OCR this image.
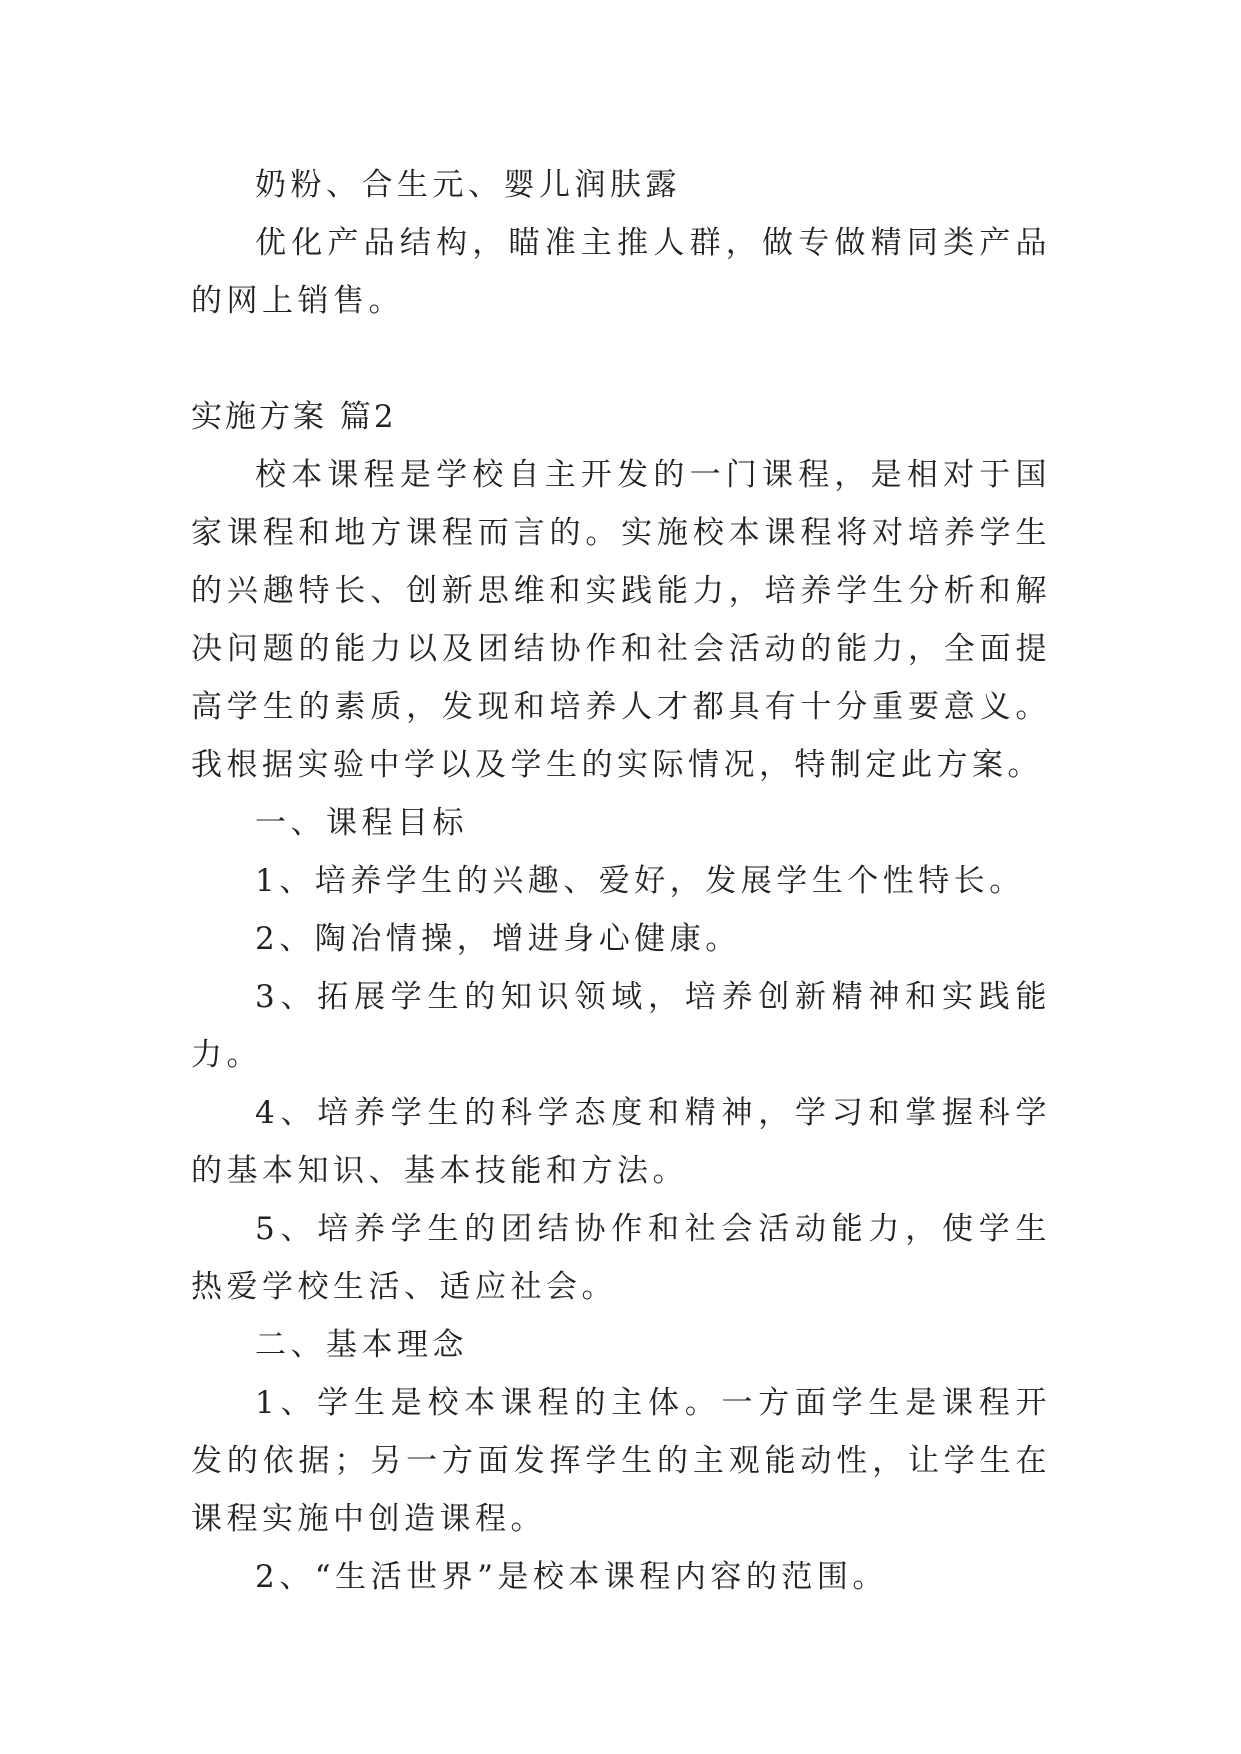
奶粉、合生元、婴儿润肤露

优化产品结构，瞄准主推人群，做专做精同类产品的网上销售。

实施方案 篇2

校本课程是学校自主开发的一门课程，是相对于国家课程和地方课程而言的。实施校本课程将对培养学生的兴趣特长、创新思维和实践能力，培养学生分析和解决问题的能力以及团结协作和社会活动的能力，全面提高学生的素质，发现和培养人才都具有十分重要意义。我根据实验中学以及学生的实际情况，特制定此方案。

一、课程目标

1、培养学生的兴趣、爱好，发展学生个性特长。

2、陶冶情操，增进身心健康。

3、拓展学生的知识领域，培养创新精神和实践能力。

4、培养学生的科学态度和精神，学习和掌握科学的基本知识、基本技能和方法。

5、培养学生的团结协作和社会活动能力，使学生热爱学校生活、适应社会。

二、基本理念

1、学生是校本课程的主体。一方面学生是课程开发的依据；另一方面发挥学生的主观能动性，让学生在课程实施中创造课程。

2、“生活世界”是校本课程内容的范围。
